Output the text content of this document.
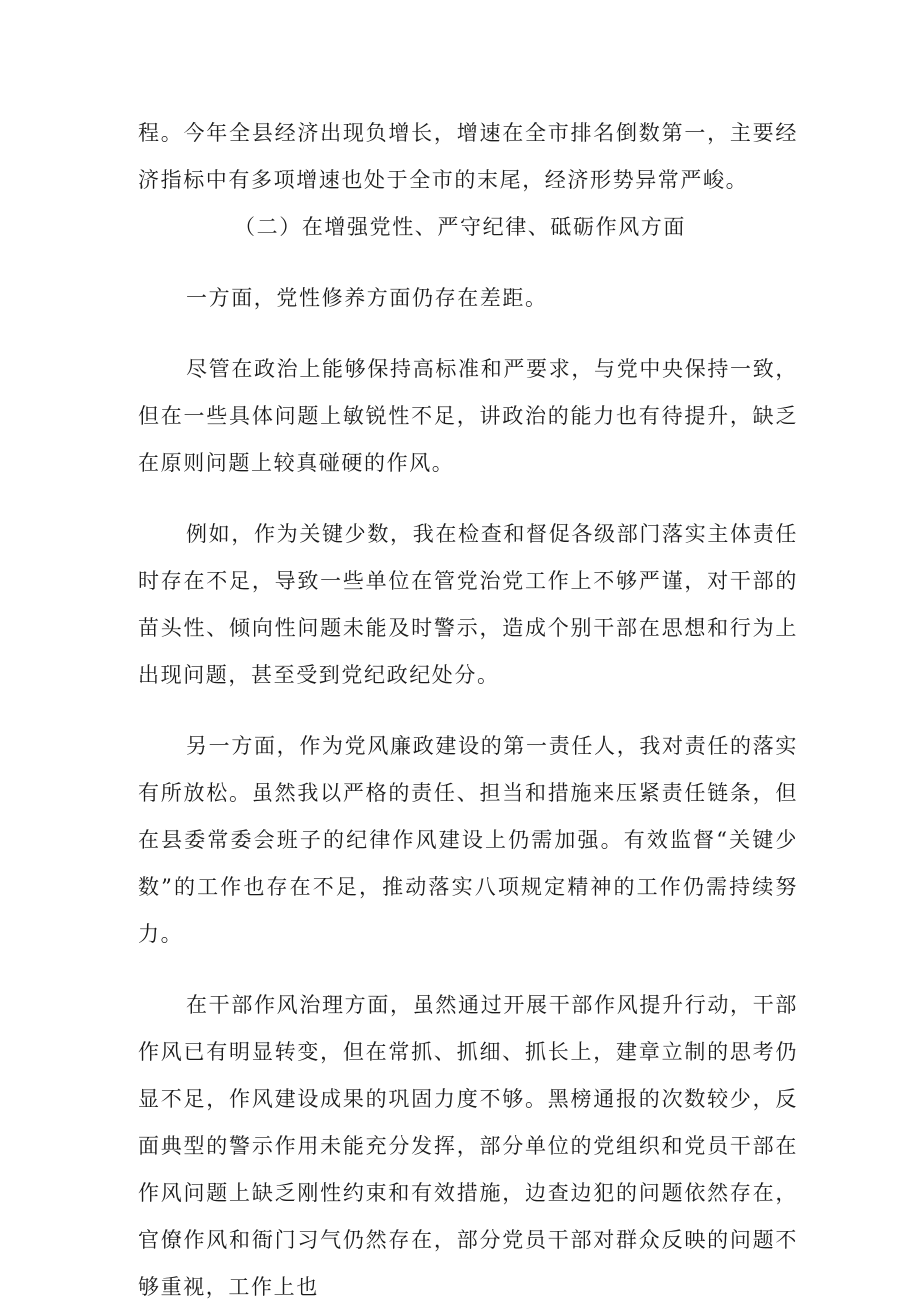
程。今年全县经济出现负增长，增速在全市排名倒数第一，主要经济指标中有多项增速也处于全市的末尾，经济形势异常严峻。

（二）在增强党性、严守纪律、砥砺作风方面

一方面，党性修养方面仍存在差距。

尽管在政治上能够保持高标准和严要求，与党中央保持一致，但在一些具体问题上敏锐性不足，讲政治的能力也有待提升，缺乏在原则问题上较真碰硬的作风。

例如，作为关键少数，我在检查和督促各级部门落实主体责任时存在不足，导致一些单位在管党治党工作上不够严谨，对干部的苗头性、倾向性问题未能及时警示，造成个别干部在思想和行为上出现问题，甚至受到党纪政纪处分。

另一方面，作为党风廉政建设的第一责任人，我对责任的落实有所放松。虽然我以严格的责任、担当和措施来压紧责任链条，但在县委常委会班子的纪律作风建设上仍需加强。有效监督“关键少数”的工作也存在不足，推动落实八项规定精神的工作仍需持续努力。

在干部作风治理方面，虽然通过开展干部作风提升行动，干部作风已有明显转变，但在常抓、抓细、抓长上，建章立制的思考仍显不足，作风建设成果的巩固力度不够。黑榜通报的次数较少，反面典型的警示作用未能充分发挥，部分单位的党组织和党员干部在作风问题上缺乏刚性约束和有效措施，边查边犯的问题依然存在，官僚作风和衙门习气仍然存在，部分党员干部对群众反映的问题不够重视，工作上也
